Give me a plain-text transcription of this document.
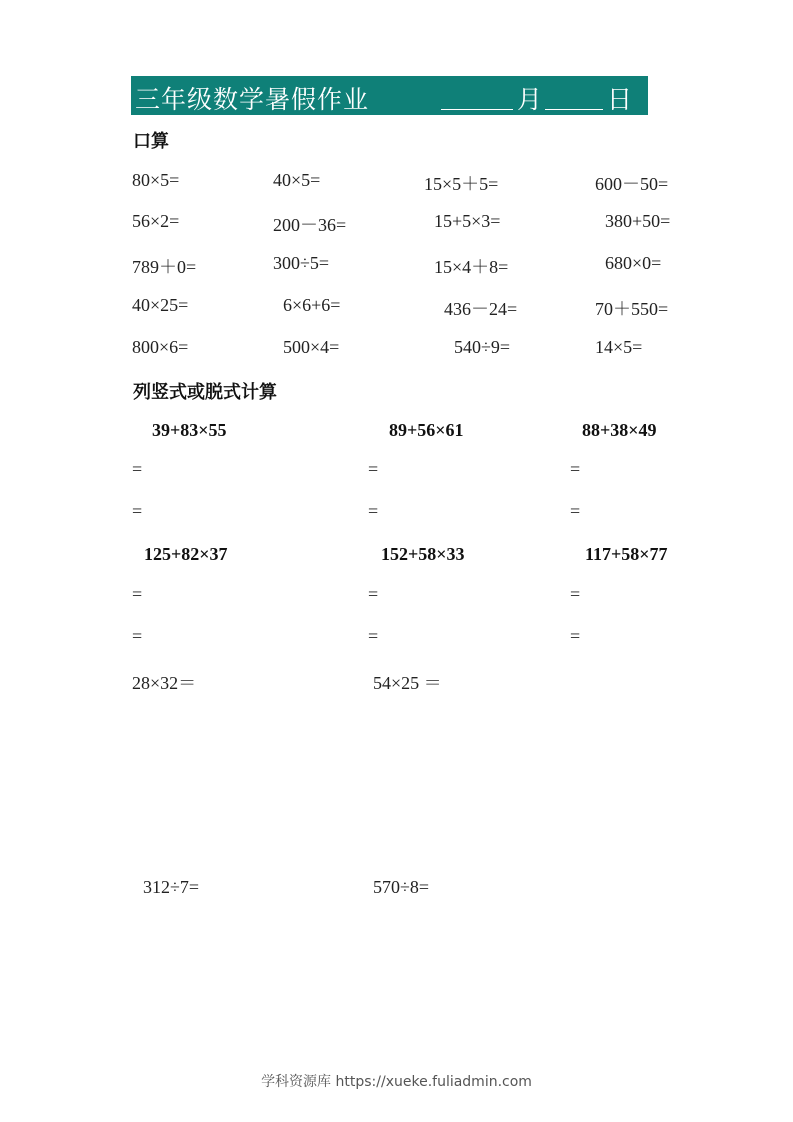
三年级数学暑假作业	月	日
口算
80×5=	40×5=	15×5＋5=	600－50=
56×2=	200－36=	15+5×3=	380+50=
789＋0=	300÷5=	15×4＋8=	680×0=
40×25=	6×6+6=	436－24=	70＋550=
800×6=	500×4=	540÷9=	14×5=
列竖式或脱式计算
39+83×55	89+56×61	88+38×49
=	=	=
=	=	=
125+82×37	152+58×33	117+58×77
=	=	=
=	=	=
28×32＝	54×25 ＝
312÷7=	570÷8=
学科资源库 https://xueke.fuliadmin.com
